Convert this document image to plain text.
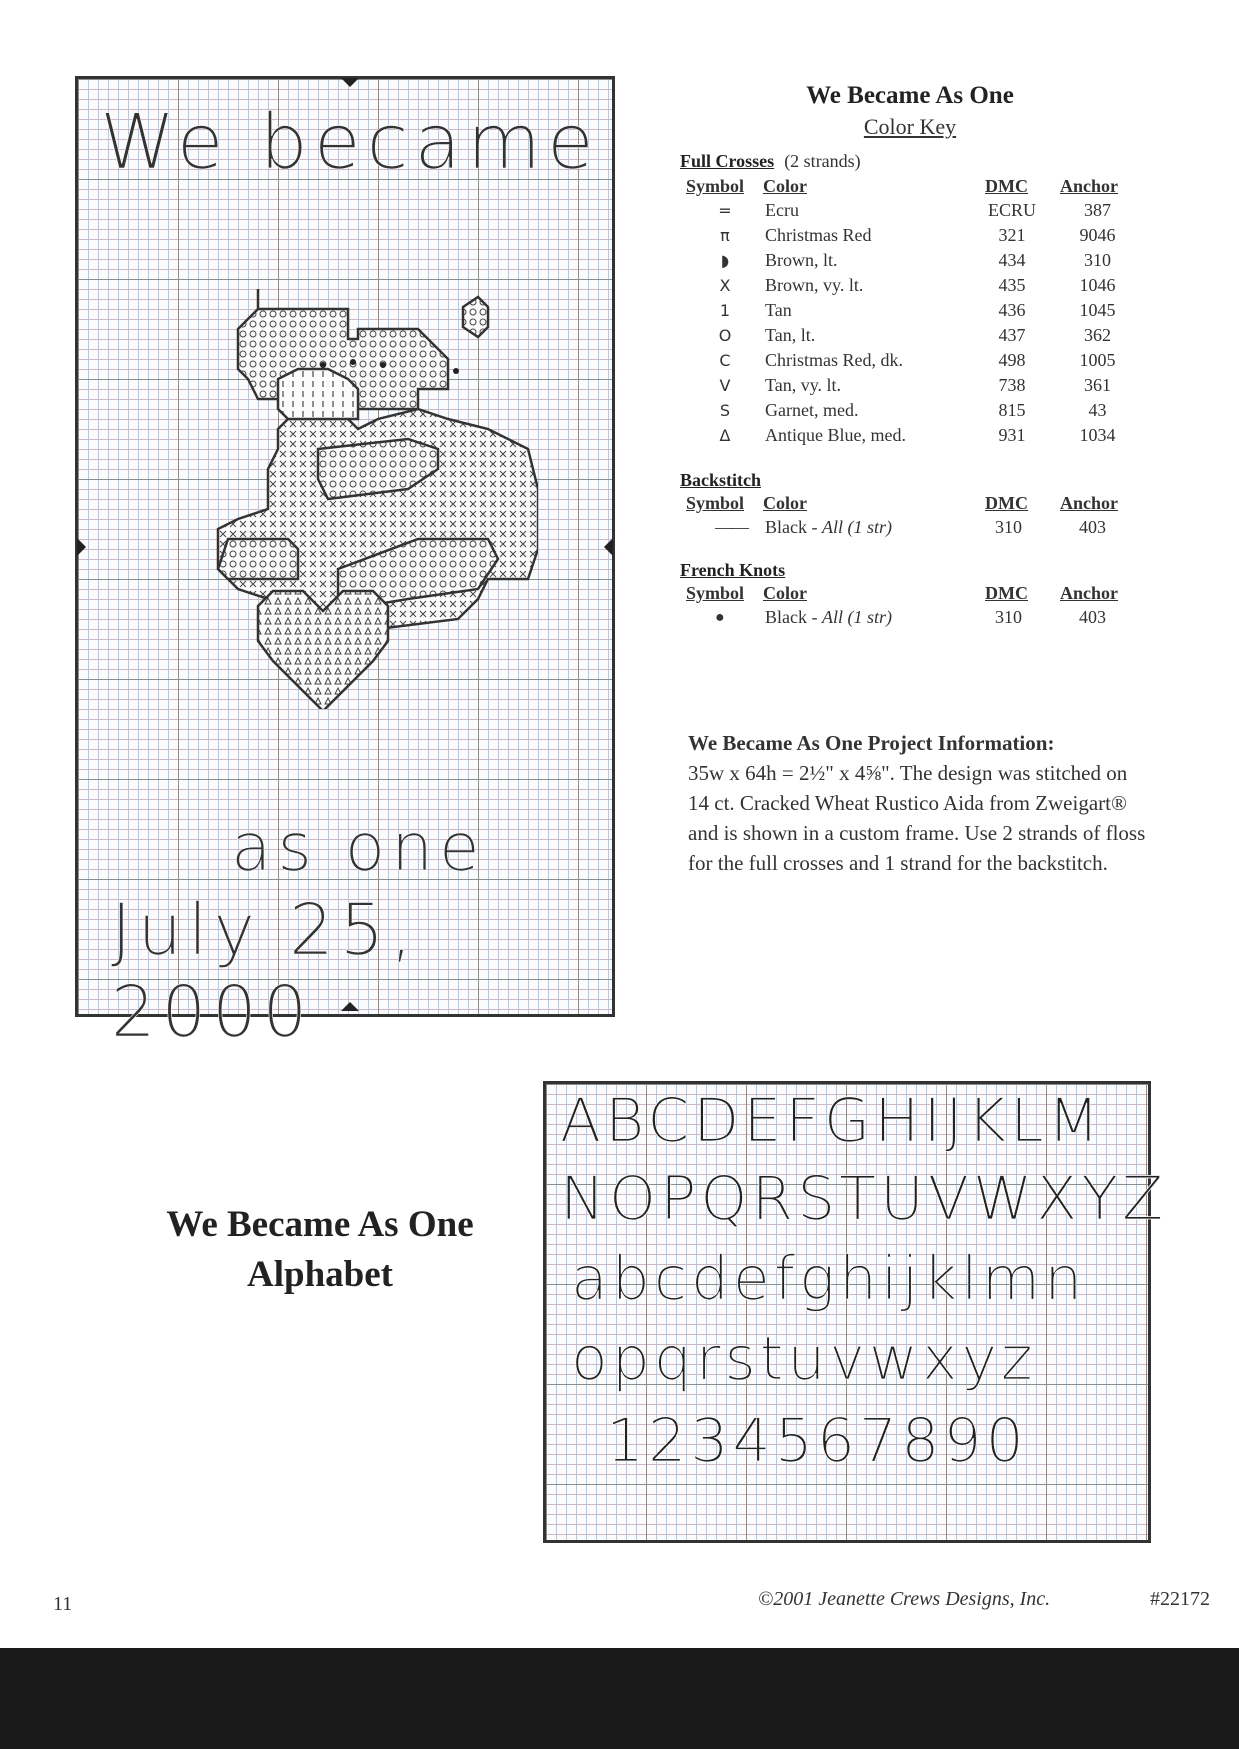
We became
as one
July 25, 2000
We Became As One
Color Key
Full Crosses (2 strands)
Symbol Color	DMC Anchor
=	Ecru	ECRU	387
π	Christmas Red	321	9046
◗	Brown, lt.	434	310
X	Brown, vy. lt.	435	1046
1	Tan	436	1045
O	Tan, lt.	437	362
C	Christmas Red, dk.	498	1005
V	Tan, vy. lt.	738	361
S	Garnet, med.	815	43
Δ	Antique Blue, med.	931	1034
Backstitch
Symbol Color	DMC Anchor
—— Black - All (1 str)	310	403
French Knots
Symbol Color	DMC Anchor
● Black - All (1 str)	310	403
We Became As One Project Information:
35w x 64h = 2½" x 4⅝". The design was stitched on 14 ct. Cracked Wheat Rustico Aida from Zweigart® and is shown in a custom frame. Use 2 strands of floss for the full crosses and 1 strand for the backstitch.
We Became As One
Alphabet
ABCDEFGHIJKLM
NOPQRSTUVWXYZ
abcdefghijklmn
opqrstuvwxyz
1234567890
11	©2001 Jeanette Crews Designs, Inc.	#22172
